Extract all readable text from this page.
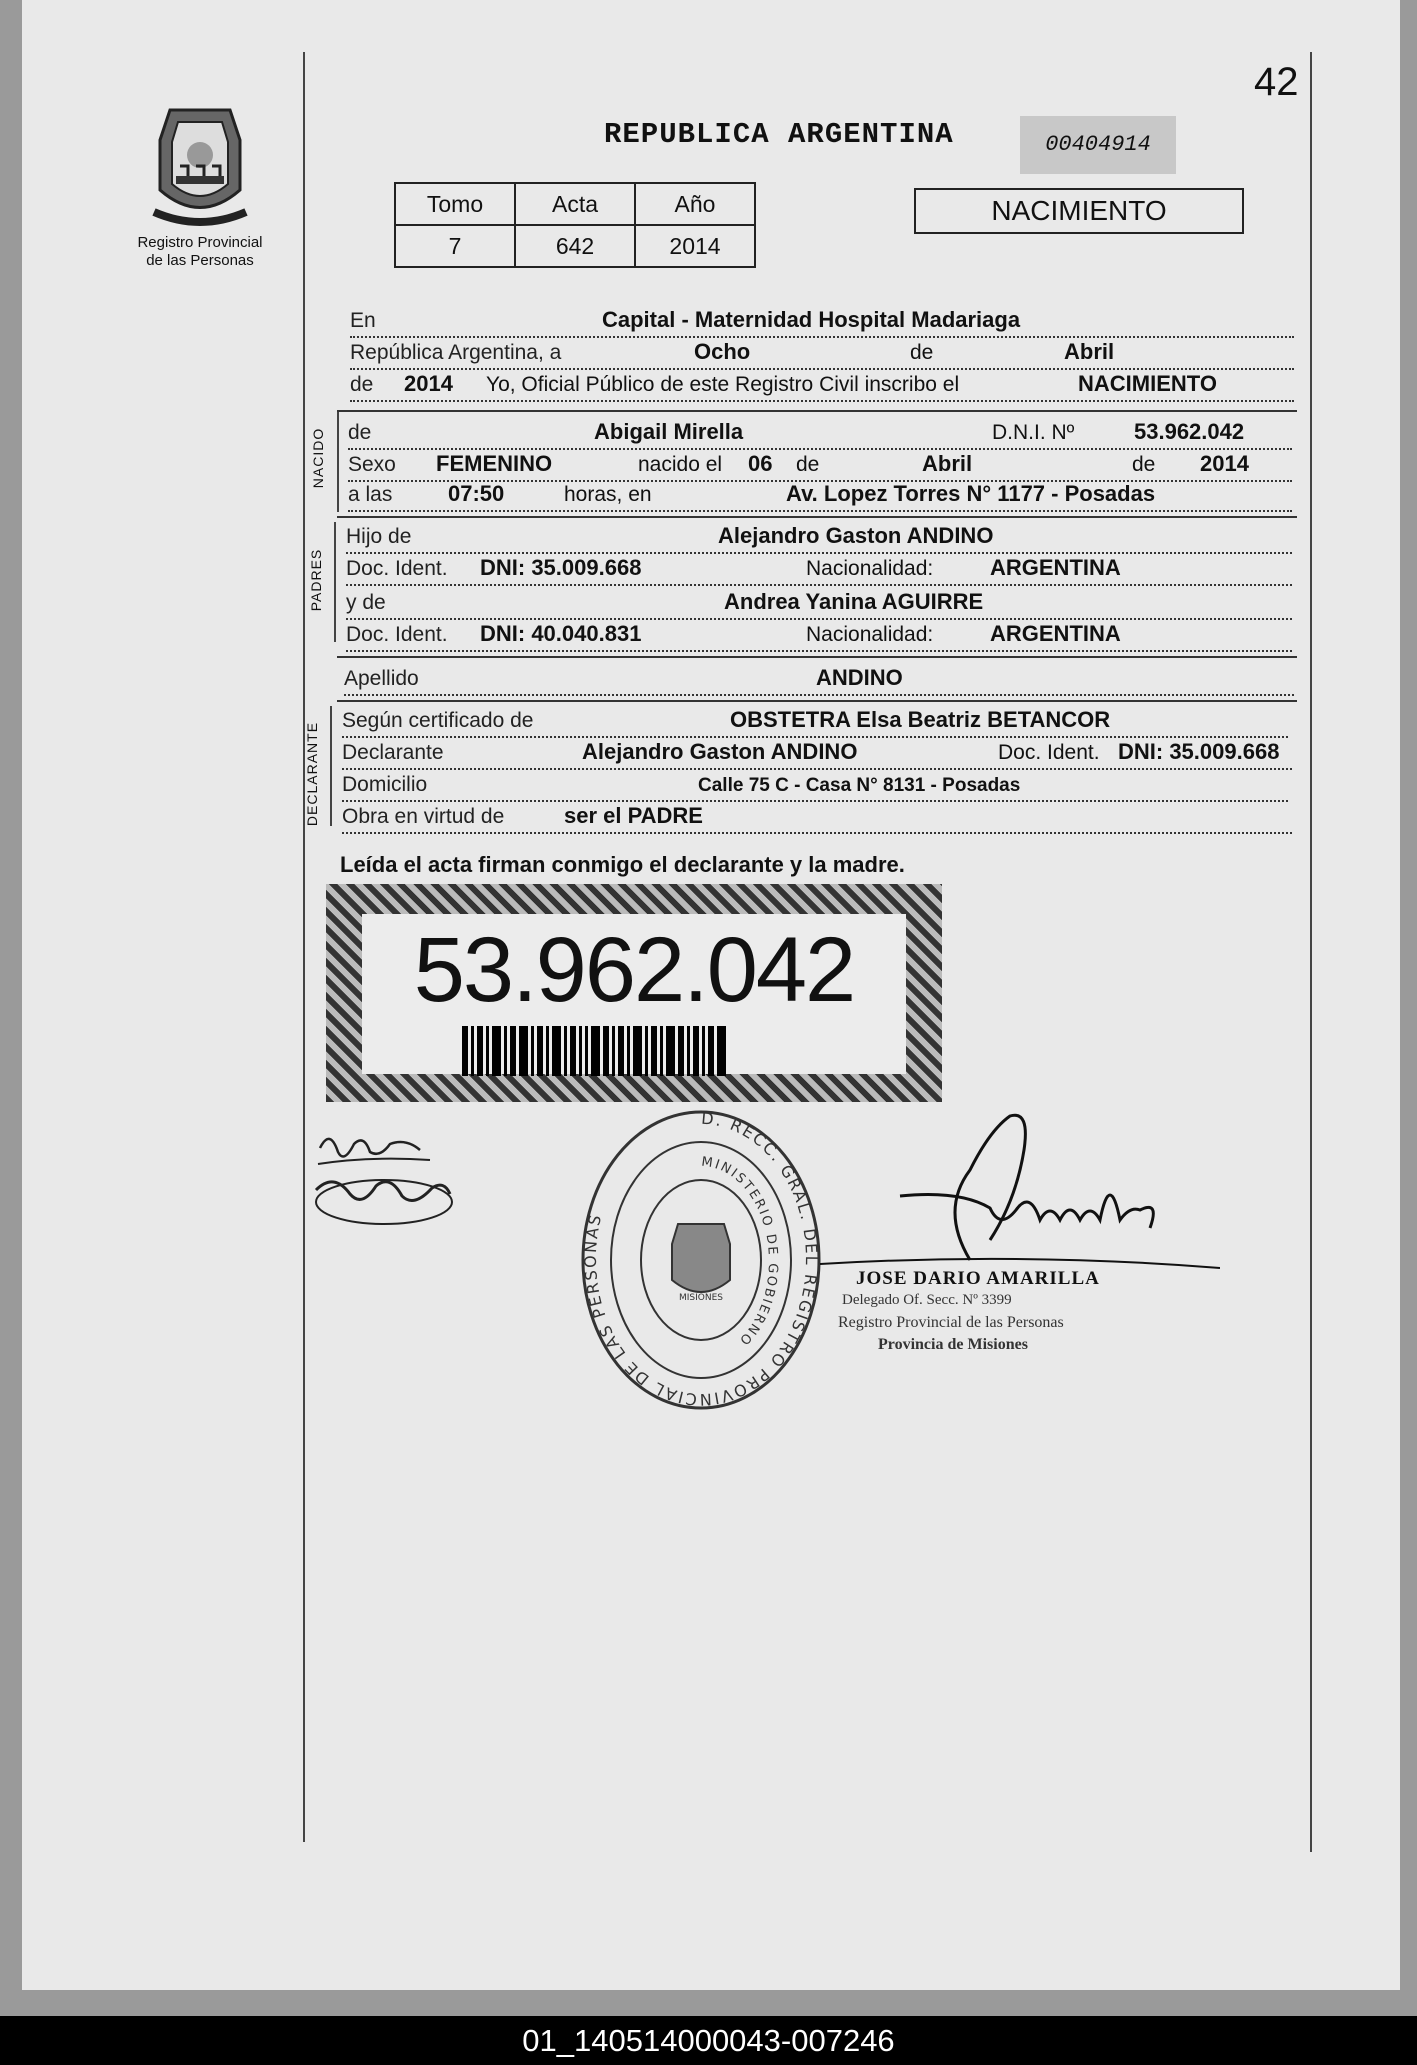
42
Registro Provincial
de las Personas
REPUBLICA ARGENTINA	00404914
Tomo	Acta	Año
7	642	2014
NACIMIENTO
En	Capital - Maternidad Hospital Madariaga
República Argentina, a	Ocho	de	Abril
de 2014 Yo, Oficial Público de este Registro Civil inscribo el	NACIMIENTO
NACIDO de	Abigail Mirella	D.N.I. Nº	53.962.042
Sexo FEMENINO	nacido el 06 de	Abril	de 2014
a las	07:50	horas, en	Av. Lopez Torres N° 1177 - Posadas
PADRES
Hijo de	Alejandro Gaston ANDINO
Doc. Ident. DNI: 35.009.668	Nacionalidad:	ARGENTINA
y de	Andrea Yanina AGUIRRE
Doc. Ident. DNI: 40.040.831	Nacionalidad:	ARGENTINA
Apellido	ANDINO
DECLARANTE
Según certificado de	OBSTETRA Elsa Beatriz BETANCOR
Declarante	Alejandro Gaston ANDINO	Doc. Ident. DNI: 35.009.668
Domicilio	Calle 75 C - Casa N° 8131 - Posadas
Obra en virtud de	ser el PADRE
Leída el acta firman conmigo el declarante y la madre.
53.962.042
D. RECC. GRAL. DEL REGISTRO PROVINCIAL DE LAS PERSONAS
MINISTERIO DE GOBIERNO
MISIONES
JOSE DARIO AMARILLA
Delegado Of. Secc. Nº 3399
Registro Provincial de las Personas
Provincia de Misiones
01_140514000043-007246
